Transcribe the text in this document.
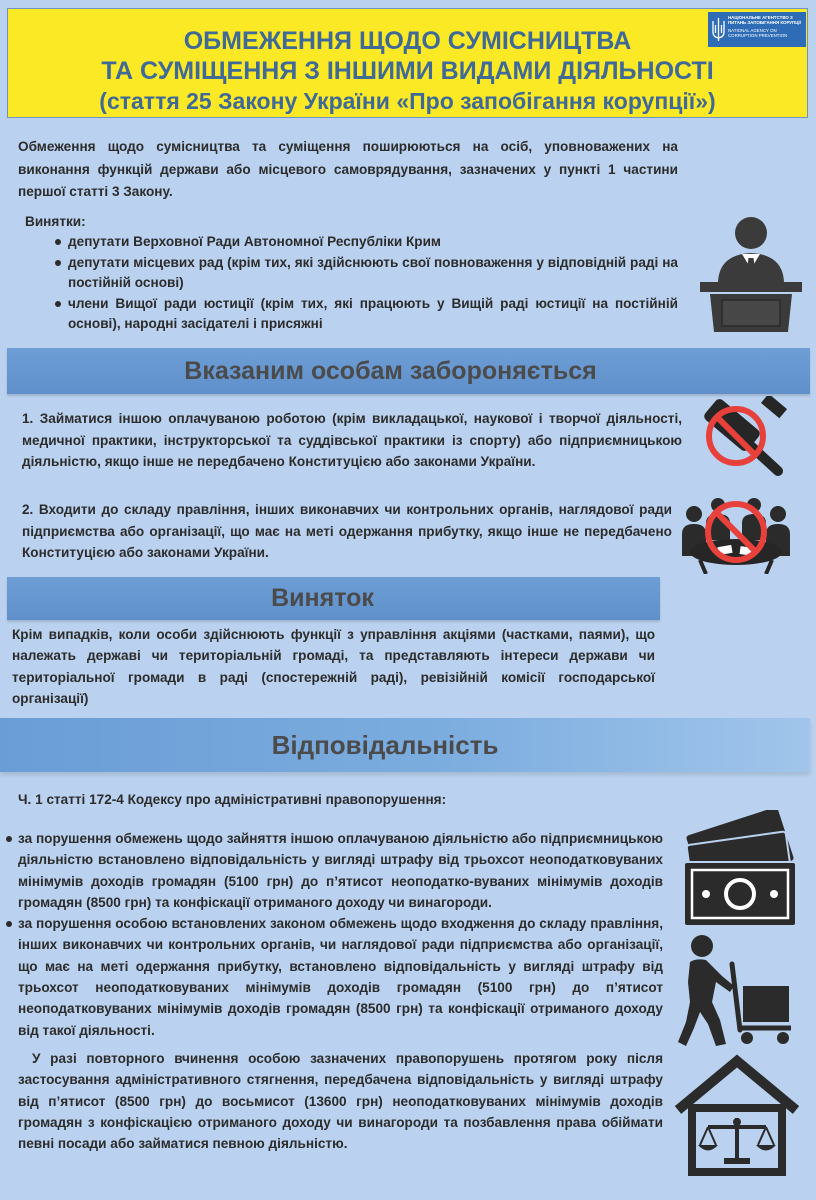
ОБМЕЖЕННЯ ЩОДО СУМІСНИЦТВА
ТА СУМІЩЕННЯ З ІНШИМИ ВИДАМИ ДІЯЛЬНОСТІ
(стаття 25 Закону України «Про запобігання корупції»)
НАЦІОНАЛЬНЕ АГЕНТСТВО З ПИТАНЬ ЗАПОБІГАННЯ КОРУПЦІЇ
NATIONAL AGENCY ON CORRUPTION PREVENTION
Обмеження щодо сумісництва та суміщення поширюються на осіб, уповноважених на виконання функцій держави або місцевого самоврядування, зазначених у пункті 1 частини першої статті 3 Закону.
Винятки:
депутати Верховної Ради Автономної Республіки Крим
депутати місцевих рад (крім тих, які здійснюють свої повноваження у відповідній раді на постійній основі)
члени Вищої ради юстиції (крім тих, які працюють у Вищій раді юстиції на постійній основі), народні засідателі і присяжні
Вказаним особам забороняється
1. Займатися іншою оплачуваною роботою (крім викладацької, наукової і творчої діяльності, медичної практики, інструкторської та суддівської практики із спорту) або підприємницькою діяльністю, якщо інше не передбачено Конституцією або законами України.
2. Входити до складу правління, інших виконавчих чи контрольних органів, наглядової ради підприємства або організації, що має на меті одержання прибутку, якщо інше не передбачено Конституцією або законами України.
Виняток
Крім випадків, коли особи здійснюють функції з управління акціями (частками, паями), що належать державі чи територіальній громаді, та представляють інтереси держави чи територіальної громади в раді (спостережній раді), ревізійній комісії господарської організації)
Відповідальність
Ч. 1 статті 172-4 Кодексу про адміністративні правопорушення:
за порушення обмежень щодо зайняття іншою оплачуваною діяльністю або підприємницькою діяльністю встановлено відповідальність у вигляді штрафу від трьохсот неоподатковуваних мінімумів доходів громадян (5100 грн) до п’ятисот неоподатко-вуваних мінімумів доходів громадян (8500 грн) та конфіскації отриманого доходу чи винагороди.
за порушення особою встановлених законом обмежень щодо входження до складу правління, інших виконавчих чи контрольних органів, чи наглядової ради підприємства або організації, що має на меті одержання прибутку, встановлено відповідальність у вигляді штрафу від трьохсот неоподатковуваних мінімумів доходів громадян (5100 грн) до п’ятисот неоподатковуваних мінімумів доходів громадян (8500 грн) та конфіскації отриманого доходу від такої діяльності.
У разі повторного вчинення особою зазначених правопорушень протягом року після застосування адміністративного стягнення, передбачена відповідальність у вигляді штрафу від п’ятисот (8500 грн) до восьмисот (13600 грн) неоподатковуваних мінімумів доходів громадян з конфіскацією отриманого доходу чи винагороди та позбавлення права обіймати певні посади або займатися певною діяльністю.
